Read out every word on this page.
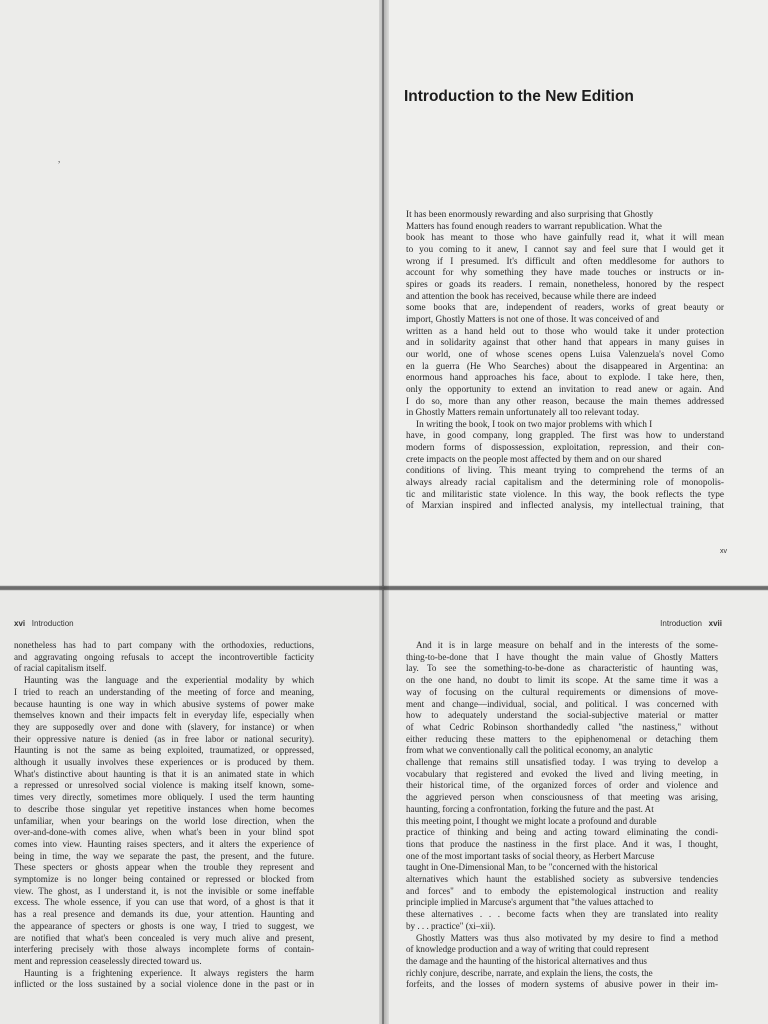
,
Introduction to the New Edition
It has been enormously rewarding and also surprising that Ghostly
Matters has found enough readers to warrant republication. What the
book has meant to those who have gainfully read it, what it will mean
to you coming to it anew, I cannot say and feel sure that I would get it
wrong if I presumed. It's difficult and often meddlesome for authors to
account for why something they have made touches or instructs or in-
spires or goads its readers. I remain, nonetheless, honored by the respect
and attention the book has received, because while there are indeed
some books that are, independent of readers, works of great beauty or
import, Ghostly Matters is not one of those. It was conceived of and
written as a hand held out to those who would take it under protection
and in solidarity against that other hand that appears in many guises in
our world, one of whose scenes opens Luisa Valenzuela's novel Como
en la guerra (He Who Searches) about the disappeared in Argentina: an
enormous hand approaches his face, about to explode. I take here, then,
only the opportunity to extend an invitation to read anew or again. And
I do so, more than any other reason, because the main themes addressed
in Ghostly Matters remain unfortunately all too relevant today.
In writing the book, I took on two major problems with which I
have, in good company, long grappled. The first was how to understand
modern forms of dispossession, exploitation, repression, and their con-
crete impacts on the people most affected by them and on our shared
conditions of living. This meant trying to comprehend the terms of an
always already racial capitalism and the determining role of monopolis-
tic and militaristic state violence. In this way, the book reflects the type
of Marxian inspired and inflected analysis, my intellectual training, that
xv
xvi Introduction
nonetheless has had to part company with the orthodoxies, reductions,
and aggravating ongoing refusals to accept the incontrovertible facticity
of racial capitalism itself.
Haunting was the language and the experiential modality by which
I tried to reach an understanding of the meeting of force and meaning,
because haunting is one way in which abusive systems of power make
themselves known and their impacts felt in everyday life, especially when
they are supposedly over and done with (slavery, for instance) or when
their oppressive nature is denied (as in free labor or national security).
Haunting is not the same as being exploited, traumatized, or oppressed,
although it usually involves these experiences or is produced by them.
What's distinctive about haunting is that it is an animated state in which
a repressed or unresolved social violence is making itself known, some-
times very directly, sometimes more obliquely. I used the term haunting
to describe those singular yet repetitive instances when home becomes
unfamiliar, when your bearings on the world lose direction, when the
over-and-done-with comes alive, when what's been in your blind spot
comes into view. Haunting raises specters, and it alters the experience of
being in time, the way we separate the past, the present, and the future.
These specters or ghosts appear when the trouble they represent and
symptomize is no longer being contained or repressed or blocked from
view. The ghost, as I understand it, is not the invisible or some ineffable
excess. The whole essence, if you can use that word, of a ghost is that it
has a real presence and demands its due, your attention. Haunting and
the appearance of specters or ghosts is one way, I tried to suggest, we
are notified that what's been concealed is very much alive and present,
interfering precisely with those always incomplete forms of contain-
ment and repression ceaselessly directed toward us.
Haunting is a frightening experience. It always registers the harm
inflicted or the loss sustained by a social violence done in the past or in
Introduction xvii
And it is in large measure on behalf and in the interests of the some-
thing-to-be-done that I have thought the main value of Ghostly Matters
lay. To see the something-to-be-done as characteristic of haunting was,
on the one hand, no doubt to limit its scope. At the same time it was a
way of focusing on the cultural requirements or dimensions of move-
ment and change—individual, social, and political. I was concerned with
how to adequately understand the social-subjective material or matter
of what Cedric Robinson shorthandedly called "the nastiness," without
either reducing these matters to the epiphenomenal or detaching them
from what we conventionally call the political economy, an analytic
challenge that remains still unsatisfied today. I was trying to develop a
vocabulary that registered and evoked the lived and living meeting, in
their historical time, of the organized forces of order and violence and
the aggrieved person when consciousness of that meeting was arising,
haunting, forcing a confrontation, forking the future and the past. At
this meeting point, I thought we might locate a profound and durable
practice of thinking and being and acting toward eliminating the condi-
tions that produce the nastiness in the first place. And it was, I thought,
one of the most important tasks of social theory, as Herbert Marcuse
taught in One-Dimensional Man, to be "concerned with the historical
alternatives which haunt the established society as subversive tendencies
and forces" and to embody the epistemological instruction and reality
principle implied in Marcuse's argument that "the values attached to
these alternatives . . . become facts when they are translated into reality
by . . . practice" (xi–xii).
Ghostly Matters was thus also motivated by my desire to find a method
of knowledge production and a way of writing that could represent
the damage and the haunting of the historical alternatives and thus
richly conjure, describe, narrate, and explain the liens, the costs, the
forfeits, and the losses of modern systems of abusive power in their im-
